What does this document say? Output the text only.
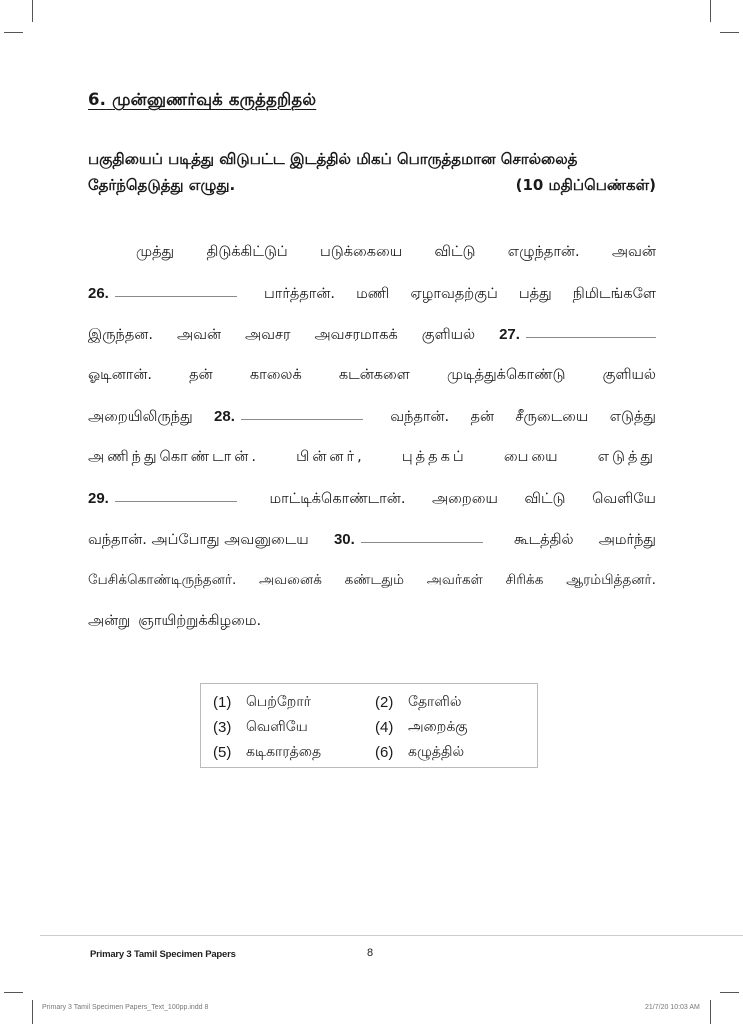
6. முன்னுணர்வுக் கருத்தறிதல்
பகுதியைப் படித்து விடுபட்ட இடத்தில் மிகப் பொருத்தமான சொல்லைத்
தேர்ந்தெடுத்து எழுது.	(10 மதிப்பெண்கள்)
முத்து திடுக்கிட்டுப் படுக்கையை விட்டு எழுந்தான். அவன்
26.	பார்த்தான். மணி ஏழாவதற்குப் பத்து நிமிடங்களே
இருந்தன. அவன் அவசர அவசரமாகக் குளியல் 27.
ஓடினான்.	தன்	காலைக்	கடன்களை	முடித்துக்கொண்டு	குளியல்
அறையிலிருந்து 28.	வந்தான். தன் சீருடையை எடுத்து
அணிந்துகொண்டான்.	பின்னர்,	புத்தகப்	பையை	எடுத்து
29.	மாட்டிக்கொண்டான். அறையை விட்டு வெளியே
வந்தான். அப்போது அவனுடைய 30.	கூடத்தில் அமர்ந்து
பேசிக்கொண்டிருந்தனர். அவனைக் கண்டதும் அவர்கள் சிரிக்க ஆரம்பித்தனர்.
அன்று ஞாயிற்றுக்கிழமை.
(1)	பெற்றோர்	(2)	தோளில்
(3)	வெளியே	(4)	அறைக்கு
(5)	கடிகாரத்தை	(6)	கழுத்தில்
Primary 3 Tamil Specimen Papers	8
Primary 3 Tamil Specimen Papers_Text_100pp.indd 8	21/7/20 10:03 AM
